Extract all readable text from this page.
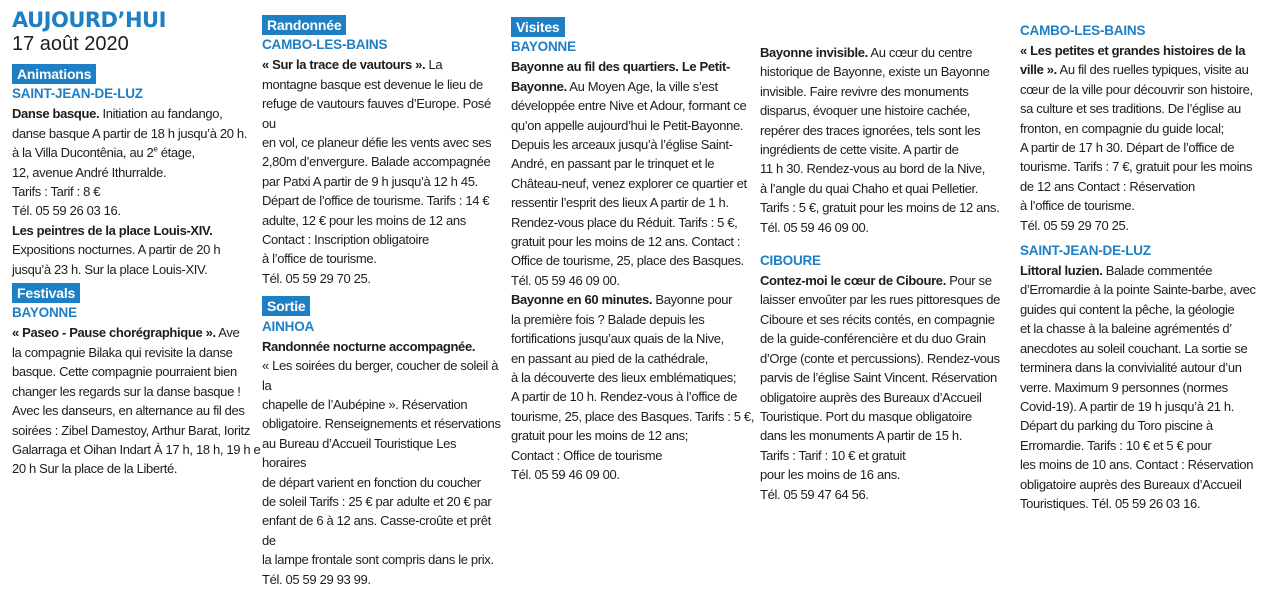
AUJOURD’HUI
17 août 2020
Animations
SAINT-JEAN-DE-LUZ

Danse basque. Initiation au fandango,

danse basque A partir de 18 h jusqu’à 20 h.

à la Villa Ducontênia, au 2e étage,

12, avenue André Ithurralde.

Tarifs : Tarif : 8 €

Tél. 05 59 26 03 16.

Les peintres de la place Louis-XIV.

Expositions nocturnes. A partir de 20 h

jusqu’à 23 h. Sur la place Louis-XIV.

Festivals
BAYONNE

« Paseo - Pause chorégraphique ». Ave

la compagnie Bilaka qui revisite la danse

basque. Cette compagnie pourraient bien

changer les regards sur la danse basque !

Avec les danseurs, en alternance au fil des

soirées : Zibel Damestoy, Arthur Barat, Ioritz

Galarraga et Oihan Indart À 17 h, 18 h, 19 h e

20 h Sur la place de la Liberté.

Randonnée
CAMBO-LES-BAINS

« Sur la trace de vautours ». La

montagne basque est devenue le lieu de

refuge de vautours fauves d’Europe. Posé ou

en vol, ce planeur défie les vents avec ses

2,80m d’envergure. Balade accompagnée

par Patxi A partir de 9 h jusqu’à 12 h 45.

Départ de l’office de tourisme. Tarifs : 14 €

adulte, 12 € pour les moins de 12 ans

Contact : Inscription obligatoire

à l’office de tourisme.

Tél. 05 59 29 70 25.

Sortie
AINHOA

Randonnée nocturne accompagnée.

« Les soirées du berger, coucher de soleil à la

chapelle de l’Aubépine ». Réservation

obligatoire. Renseignements et réservations

au Bureau d’Accueil Touristique Les horaires

de départ varient en fonction du coucher

de soleil Tarifs : 25 € par adulte et 20 € par

enfant de 6 à 12 ans. Casse-croûte et prêt de

la lampe frontale sont compris dans le prix.

Tél. 05 59 29 93 99.

Visites
BAYONNE

Bayonne au fil des quartiers. Le Petit-

Bayonne. Au Moyen Age, la ville s’est

développée entre Nive et Adour, formant ce

qu’on appelle aujourd’hui le Petit-Bayonne.

Depuis les arceaux jusqu’à l’église Saint-

André, en passant par le trinquet et le

Château-neuf, venez explorer ce quartier et

ressentir l’esprit des lieux A partir de 1 h.

Rendez-vous place du Réduit. Tarifs : 5 €,

gratuit pour les moins de 12 ans. Contact :

Office de tourisme, 25, place des Basques.

Tél. 05 59 46 09 00.

Bayonne en 60 minutes. Bayonne pour

la première fois ? Balade depuis les

fortifications jusqu’aux quais de la Nive,

en passant au pied de la cathédrale,

à la découverte des lieux emblématiques;

A partir de 10 h. Rendez-vous à l’office de

tourisme, 25, place des Basques. Tarifs : 5 €,

gratuit pour les moins de 12 ans;

Contact : Office de tourisme

Tél. 05 59 46 09 00.

Bayonne invisible. Au cœur du centre

historique de Bayonne, existe un Bayonne

invisible. Faire revivre des monuments

disparus, évoquer une histoire cachée,

repérer des traces ignorées, tels sont les

ingrédients de cette visite. A partir de

11 h 30. Rendez-vous au bord de la Nive,

à l’angle du quai Chaho et quai Pelletier.

Tarifs : 5 €, gratuit pour les moins de 12 ans.

Tél. 05 59 46 09 00.

CIBOURE

Contez-moi le cœur de Ciboure. Pour se

laisser envoûter par les rues pittoresques de

Ciboure et ses récits contés, en compagnie

de la guide-conférencière et du duo Grain

d’Orge (conte et percussions). Rendez-vous

parvis de l’église Saint Vincent. Réservation

obligatoire auprès des Bureaux d’Accueil

Touristique. Port du masque obligatoire

dans les monuments A partir de 15 h.

Tarifs : Tarif : 10 € et gratuit

pour les moins de 16 ans.

Tél. 05 59 47 64 56.

CAMBO-LES-BAINS

« Les petites et grandes histoires de la

ville ». Au fil des ruelles typiques, visite au

cœur de la ville pour découvrir son histoire,

sa culture et ses traditions. De l’église au

fronton, en compagnie du guide local;

A partir de 17 h 30. Départ de l’office de

tourisme. Tarifs : 7 €, gratuit pour les moins

de 12 ans Contact : Réservation

à l’office de tourisme.

Tél. 05 59 29 70 25.

SAINT-JEAN-DE-LUZ

Littoral luzien. Balade commentée

d’Erromardie à la pointe Sainte-barbe, avec

guides qui content la pêche, la géologie

et la chasse à la baleine agrémentés d’

anecdotes au soleil couchant. La sortie se

terminera dans la convivialité autour d’un

verre. Maximum 9 personnes (normes

Covid-19). A partir de 19 h jusqu’à 21 h.

Départ du parking du Toro piscine à

Erromardie. Tarifs : 10 € et 5 € pour

les moins de 10 ans. Contact : Réservation

obligatoire auprès des Bureaux d’Accueil

Touristiques. Tél. 05 59 26 03 16.
